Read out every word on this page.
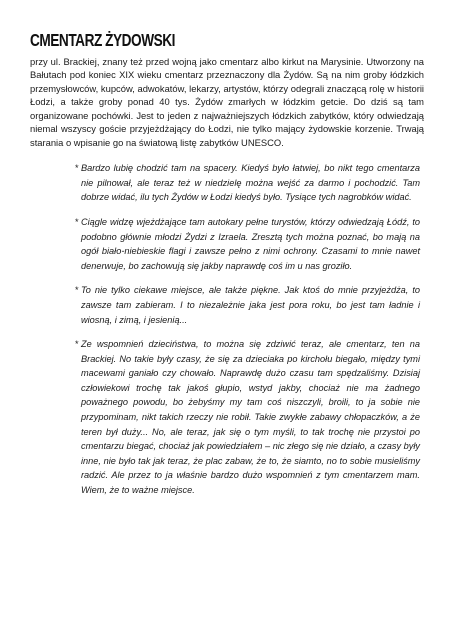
CMENTARZ ŻYDOWSKI

przy ul. Brackiej, znany też przed wojną jako cmentarz albo kirkut na Marysinie. Utworzony na Bałutach pod koniec XIX wieku cmentarz przeznaczony dla Żydów. Są na nim groby łódzkich przemysłowców, kupców, adwokatów, lekarzy, artystów, którzy odegrali znaczącą rolę w historii Łodzi, a także groby ponad 40 tys. Żydów zmarłych w łódzkim getcie. Do dziś są tam organizowane pochówki. Jest to jeden z najważniejszych łódzkich zabytków, który odwiedzają niemal wszyscy goście przyjeżdżający do Łodzi, nie tylko mający żydowskie korzenie. Trwają starania o wpisanie go na światową listę zabytków UNESCO.

* Bardzo lubię chodzić tam na spacery. Kiedyś było łatwiej, bo nikt tego cmentarza nie pilnował, ale teraz też w niedzielę można wejść za darmo i pochodzić. Tam dobrze widać, ilu tych Żydów w Łodzi kiedyś było. Tysiące tych nagrobków widać.
* Ciągle widzę wjeżdżające tam autokary pełne turystów, którzy odwiedzają Łódź, to podobno głównie młodzi Żydzi z Izraela. Zresztą tych można poznać, bo mają na ogół biało-niebieskie flagi i zawsze pełno z nimi ochrony. Czasami to mnie nawet denerwuje, bo zachowują się jakby naprawdę coś im u nas groziło.
* To nie tylko ciekawe miejsce, ale także piękne. Jak ktoś do mnie przyjeżdża, to zawsze tam zabieram. I to niezależnie jaka jest pora roku, bo jest tam ładnie i wiosną, i zimą, i jesienią...
* Ze wspomnień dzieciństwa, to można się zdziwić teraz, ale cmentarz, ten na Brackiej. No takie były czasy, że się za dzieciaka po kirchołu biegało, między tymi macewami ganiało czy chowało. Naprawdę dużo czasu tam spędzaliśmy. Dzisiaj człowiekowi trochę tak jakoś głupio, wstyd jakby, chociaż nie ma żadnego poważnego powodu, bo żebyśmy my tam coś niszczyli, broili, to ja sobie nie przypominam, nikt takich rzeczy nie robił. Takie zwykłe zabawy chłopaczków, a że teren był duży... No, ale teraz, jak się o tym myśli, to tak trochę nie przystoi po cmentarzu biegać, chociaż jak powiedziałem – nic złego się nie działo, a czasy były inne, nie było tak jak teraz, że plac zabaw, że to, że siamto, no to sobie musieliśmy radzić. Ale przez to ja właśnie bardzo dużo wspomnień z tym cmentarzem mam. Wiem, że to ważne miejsce.
